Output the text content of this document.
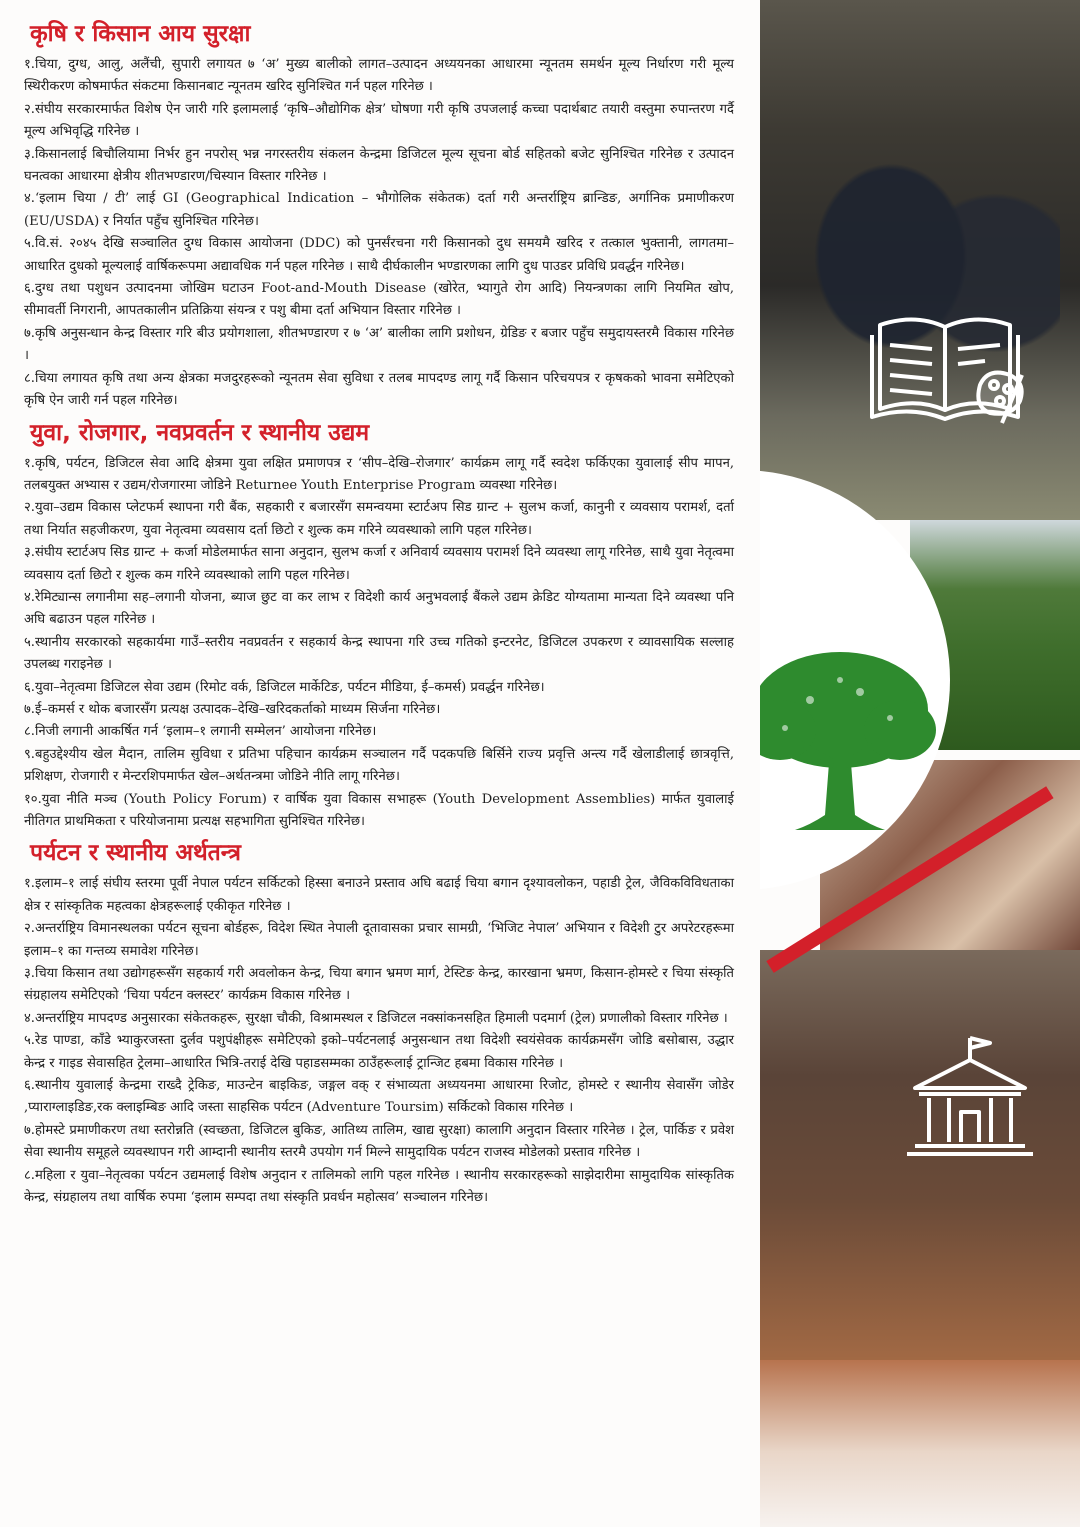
कृषि र किसान आय सुरक्षा

१.चिया, दुग्ध, आलु, अलैंची, सुपारी लगायत ७ ‘अ’ मुख्य बालीको लागत–उत्पादन अध्ययनका आधारमा न्यूनतम समर्थन मूल्य निर्धारण गरी मूल्य स्थिरीकरण कोषमार्फत संकटमा किसानबाट न्यूनतम खरिद सुनिश्चित गर्न पहल गरिनेछ ।

२.संघीय सरकारमार्फत विशेष ऐन जारी गरि इलामलाई ‘कृषि–औद्योगिक क्षेत्र’ घोषणा गरी कृषि उपजलाई कच्चा पदार्थबाट तयारी वस्तुमा रुपान्तरण गर्दै मूल्य अभिवृद्धि गरिनेछ ।

३.किसानलाई बिचौलियामा निर्भर हुन नपरोस् भन्न नगरस्तरीय संकलन केन्द्रमा डिजिटल मूल्य सूचना बोर्ड सहितको बजेट सुनिश्चित गरिनेछ र उत्पादन घनत्वका आधारमा क्षेत्रीय शीतभण्डारण/चिस्यान विस्तार गरिनेछ ।

४.‘इलाम चिया / टी’ लाई GI (Geographical Indication – भौगोलिक संकेतक) दर्ता गरी अन्तर्राष्ट्रिय ब्रान्डिङ, अर्गानिक प्रमाणीकरण (EU/USDA) र निर्यात पहुँच सुनिश्चित गरिनेछ।

५.वि.सं. २०४५ देखि सञ्चालित दुग्ध विकास आयोजना (DDC) को पुनर्संरचना गरी किसानको दुध समयमै खरिद र तत्काल भुक्तानी, लागतमा–आधारित दुधको मूल्यलाई वार्षिकरूपमा अद्यावधिक गर्न पहल गरिनेछ । साथै दीर्घकालीन भण्डारणका लागि दुध पाउडर प्रविधि प्रवर्द्धन गरिनेछ।

६.दुग्ध तथा पशुधन उत्पादनमा जोखिम घटाउन Foot-and-Mouth Disease (खोरेत, भ्यागुते रोग आदि) नियन्त्रणका लागि नियमित खोप, सीमावर्ती निगरानी, आपतकालीन प्रतिक्रिया संयन्त्र र पशु बीमा दर्ता अभियान विस्तार गरिनेछ ।

७.कृषि अनुसन्धान केन्द्र विस्तार गरि बीउ प्रयोगशाला, शीतभण्डारण र ७ ‘अ’ बालीका लागि प्रशोधन, ग्रेडिङ र बजार पहुँच समुदायस्तरमै विकास गरिनेछ ।

८.चिया लगायत कृषि तथा अन्य क्षेत्रका मजदुरहरूको न्यूनतम सेवा सुविधा र तलब मापदण्ड लागू गर्दै किसान परिचयपत्र र कृषकको भावना समेटिएको कृषि ऐन जारी गर्न पहल गरिनेछ।

युवा, रोजगार, नवप्रवर्तन र स्थानीय उद्यम

१.कृषि, पर्यटन, डिजिटल सेवा आदि क्षेत्रमा युवा लक्षित प्रमाणपत्र र ‘सीप–देखि–रोजगार’ कार्यक्रम लागू गर्दै स्वदेश फर्किएका युवालाई सीप मापन, तलबयुक्त अभ्यास र उद्यम/रोजगारमा जोडिने Returnee Youth Enterprise Program व्यवस्था गरिनेछ।

२.युवा–उद्यम विकास प्लेटफर्म स्थापना गरी बैंक, सहकारी र बजारसँग समन्वयमा स्टार्टअप सिड ग्रान्ट + सुलभ कर्जा, कानुनी र व्यवसाय परामर्श, दर्ता तथा निर्यात सहजीकरण, युवा नेतृत्वमा व्यवसाय दर्ता छिटो र शुल्क कम गरिने व्यवस्थाको लागि पहल गरिनेछ।

३.संघीय स्टार्टअप सिड ग्रान्ट + कर्जा मोडेलमार्फत साना अनुदान, सुलभ कर्जा र अनिवार्य व्यवसाय परामर्श दिने व्यवस्था लागू गरिनेछ, साथै युवा नेतृत्वमा व्यवसाय दर्ता छिटो र शुल्क कम गरिने व्यवस्थाको लागि पहल गरिनेछ।

४.रेमिट्यान्स लगानीमा सह–लगानी योजना, ब्याज छुट वा कर लाभ र विदेशी कार्य अनुभवलाई बैंकले उद्यम क्रेडिट योग्यतामा मान्यता दिने व्यवस्था पनि अघि बढाउन पहल गरिनेछ ।

५.स्थानीय सरकारको सहकार्यमा गाउँ–स्तरीय नवप्रवर्तन र सहकार्य केन्द्र स्थापना गरि उच्च गतिको इन्टरनेट, डिजिटल उपकरण र व्यावसायिक सल्लाह उपलब्ध गराइनेछ ।

६.युवा–नेतृत्वमा डिजिटल सेवा उद्यम (रिमोट वर्क, डिजिटल मार्केटिङ, पर्यटन मीडिया, ई–कमर्स) प्रवर्द्धन गरिनेछ।

७.ई–कमर्स र थोक बजारसँग प्रत्यक्ष उत्पादक–देखि–खरिदकर्ताको माध्यम सिर्जना गरिनेछ।

८.निजी लगानी आकर्षित गर्न ‘इलाम–१ लगानी सम्मेलन’ आयोजना गरिनेछ।

९.बहुउद्देश्यीय खेल मैदान, तालिम सुविधा र प्रतिभा पहिचान कार्यक्रम सञ्चालन गर्दै पदकपछि बिर्सिने राज्य प्रवृत्ति अन्त्य गर्दै खेलाडीलाई छात्रवृत्ति, प्रशिक्षण, रोजगारी र मेन्टरशिपमार्फत खेल–अर्थतन्त्रमा जोडिने नीति लागू गरिनेछ।

१०.युवा नीति मञ्च (Youth Policy Forum) र वार्षिक युवा विकास सभाहरू (Youth Development Assemblies) मार्फत युवालाई नीतिगत प्राथमिकता र परियोजनामा प्रत्यक्ष सहभागिता सुनिश्चित गरिनेछ।

पर्यटन र स्थानीय अर्थतन्त्र

१.इलाम–१ लाई संघीय स्तरमा पूर्वी नेपाल पर्यटन सर्किटको हिस्सा बनाउने प्रस्ताव अघि बढाई चिया बगान दृश्यावलोकन, पहाडी ट्रेल, जैविकविविधताका क्षेत्र र सांस्कृतिक महत्वका क्षेत्रहरूलाई एकीकृत गरिनेछ ।

२.अन्तर्राष्ट्रिय विमानस्थलका पर्यटन सूचना बोर्डहरू, विदेश स्थित नेपाली दूतावासका प्रचार सामग्री, ‘भिजिट नेपाल’ अभियान र विदेशी टुर अपरेटरहरूमा इलाम–१ का गन्तव्य समावेश गरिनेछ।

३.चिया किसान तथा उद्योगहरूसँग सहकार्य गरी अवलोकन केन्द्र, चिया बगान भ्रमण मार्ग, टेस्टिङ केन्द्र, कारखाना भ्रमण, किसान-होमस्टे र चिया संस्कृति संग्रहालय समेटिएको ‘चिया पर्यटन क्लस्टर’ कार्यक्रम विकास गरिनेछ ।

४.अन्तर्राष्ट्रिय मापदण्ड अनुसारका संकेतकहरू, सुरक्षा चौकी, विश्रामस्थल र डिजिटल नक्सांकनसहित हिमाली पदमार्ग (ट्रेल) प्रणालीको विस्तार गरिनेछ ।

५.रेड पाण्डा, काँडे भ्याकुरजस्ता दुर्लव पशुपंक्षीहरू समेटिएको इको–पर्यटनलाई अनुसन्धान तथा विदेशी स्वयंसेवक कार्यक्रमसँग जोडि बसोबास, उद्धार केन्द्र र गाइड सेवासहित ट्रेलमा–आधारित भित्रि-तराई देखि पहाडसम्मका ठाउँहरूलाई ट्रान्जिट हबमा विकास गरिनेछ ।

६.स्थानीय युवालाई केन्द्रमा राख्दै ट्रेकिङ, माउन्टेन बाइकिङ, जङ्गल वक् र संभाव्यता अध्ययनमा आधारमा रिजोट, होमस्टे र स्थानीय सेवासँग जोडेर ,प्याराग्लाइडिङ,रक क्लाइम्बिङ आदि जस्ता साहसिक पर्यटन (Adventure Toursim) सर्किटको विकास गरिनेछ ।

७.होमस्टे प्रमाणीकरण तथा स्तरोन्नति (स्वच्छता, डिजिटल बुकिङ, आतिथ्य तालिम, खाद्य सुरक्षा) कालागि अनुदान विस्तार गरिनेछ । ट्रेल, पार्किङ र प्रवेश सेवा स्थानीय समूहले व्यवस्थापन गरी आम्दानी स्थानीय स्तरमै उपयोग गर्न मिल्ने सामुदायिक पर्यटन राजस्व मोडेलको प्रस्ताव गरिनेछ ।

८.महिला र युवा–नेतृत्वका पर्यटन उद्यमलाई विशेष अनुदान र तालिमको लागि पहल गरिनेछ । स्थानीय सरकारहरूको साझेदारीमा सामुदायिक सांस्कृतिक केन्द्र, संग्रहालय तथा वार्षिक रुपमा ‘इलाम सम्पदा तथा संस्कृति प्रवर्धन महोत्सव’ सञ्चालन गरिनेछ।
